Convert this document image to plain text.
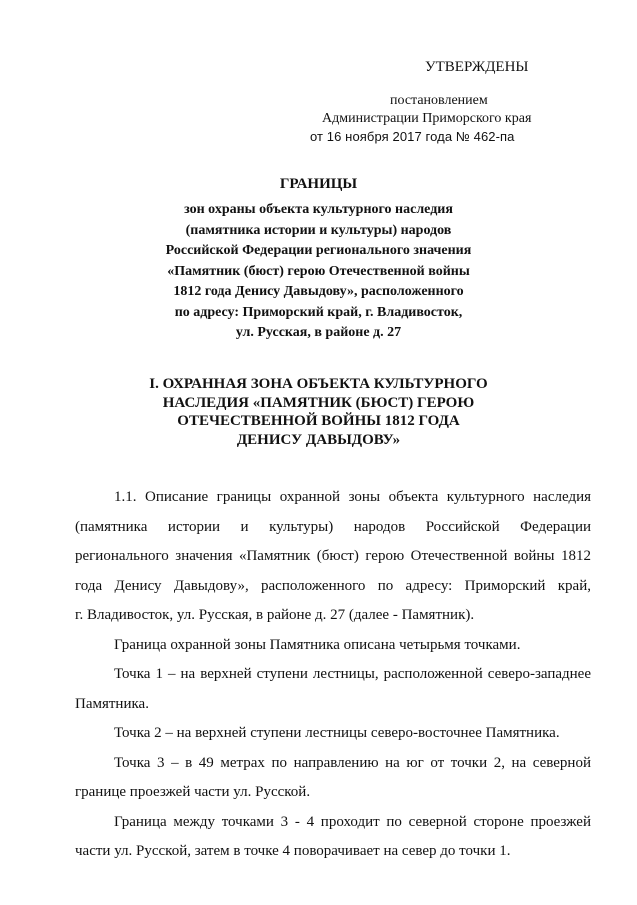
УТВЕРЖДЕНЫ
постановлением
Администрации Приморского края
от 16 ноября 2017 года № 462-па
ГРАНИЦЫ
зон охраны объекта культурного наследия
(памятника истории и культуры) народов
Российской Федерации регионального значения
«Памятник (бюст) герою Отечественной войны
1812 года Денису Давыдову», расположенного
по адресу: Приморский край, г. Владивосток,
ул. Русская, в районе д. 27
I. ОХРАННАЯ ЗОНА ОБЪЕКТА КУЛЬТУРНОГО
НАСЛЕДИЯ «ПАМЯТНИК (БЮСТ) ГЕРОЮ
ОТЕЧЕСТВЕННОЙ ВОЙНЫ 1812 ГОДА
ДЕНИСУ ДАВЫДОВУ»
1.1. Описание границы охранной зоны объекта культурного наследия
(памятника истории и культуры) народов Российской Федерации
регионального значения «Памятник (бюст) герою Отечественной войны 1812
года Денису Давыдову», расположенного по адресу: Приморский край,
г. Владивосток, ул. Русская, в районе д. 27 (далее - Памятник).
Граница охранной зоны Памятника описана четырьмя точками.
Точка 1 – на верхней ступени лестницы, расположенной северо-западнее
Памятника.
Точка 2 – на верхней ступени лестницы северо-восточнее Памятника.
Точка 3 – в 49 метрах по направлению на юг от точки 2, на северной
границе проезжей части ул. Русской.
Граница между точками 3 - 4 проходит по северной стороне проезжей
части ул. Русской, затем в точке 4 поворачивает на север до точки 1.
